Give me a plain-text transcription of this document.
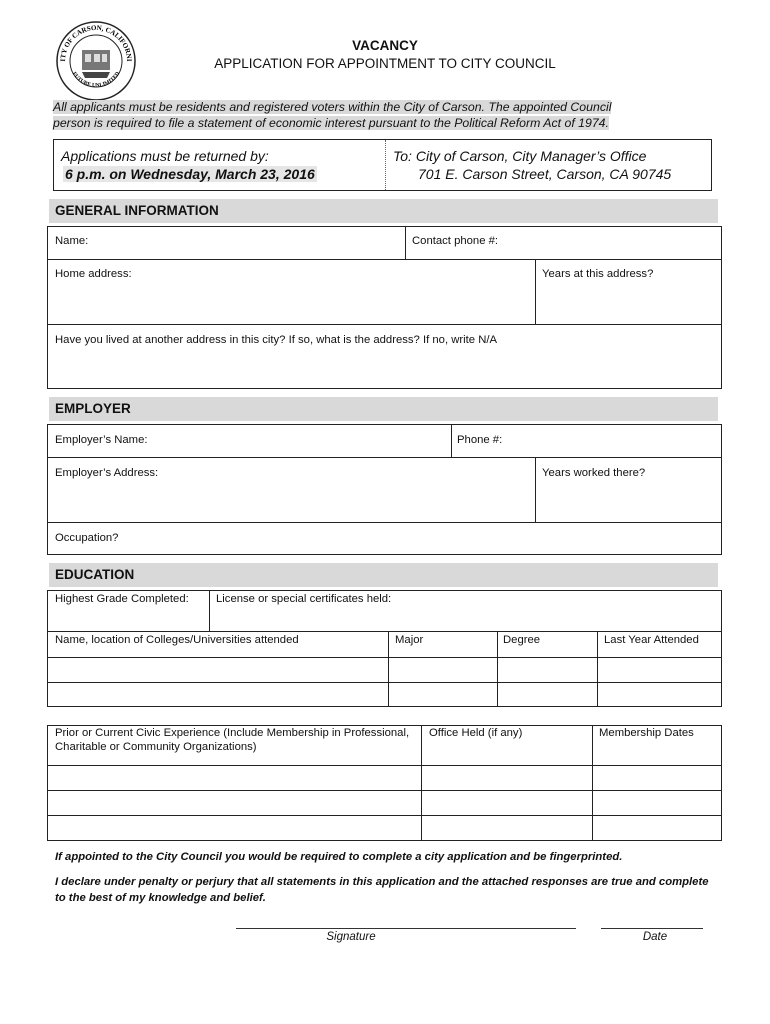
ITY OF CARSON, CALIFORNI
FUTURE UNLIMITED
VACANCY
APPLICATION FOR APPOINTMENT TO CITY COUNCIL
All applicants must be residents and registered voters within the City of Carson. The appointed Council
person is required to file a statement of economic interest pursuant to the Political Reform Act of 1974.
Applications must be returned by:
6 p.m. on Wednesday, March 23, 2016
To: City of Carson, City Manager’s Office
701 E. Carson Street, Carson, CA 90745
GENERAL INFORMATION
Name:	Contact phone #:
Home address:	Years at this address?
Have you lived at another address in this city? If so, what is the address? If no, write N/A
EMPLOYER
Employer’s Name:	Phone #:
Employer’s Address:	Years worked there?
Occupation?
EDUCATION
Highest Grade Completed: License or special certificates held:
Name, location of Colleges/Universities attended	Major	Degree	Last Year Attended
Prior or Current Civic Experience (Include Membership in Professional,
Charitable or Community Organizations)
Office Held (if any)	Membership Dates
If appointed to the City Council you would be required to complete a city application and be fingerprinted.
I declare under penalty or perjury that all statements in this application and the attached responses are true and complete
to the best of my knowledge and belief.
Signature	Date
